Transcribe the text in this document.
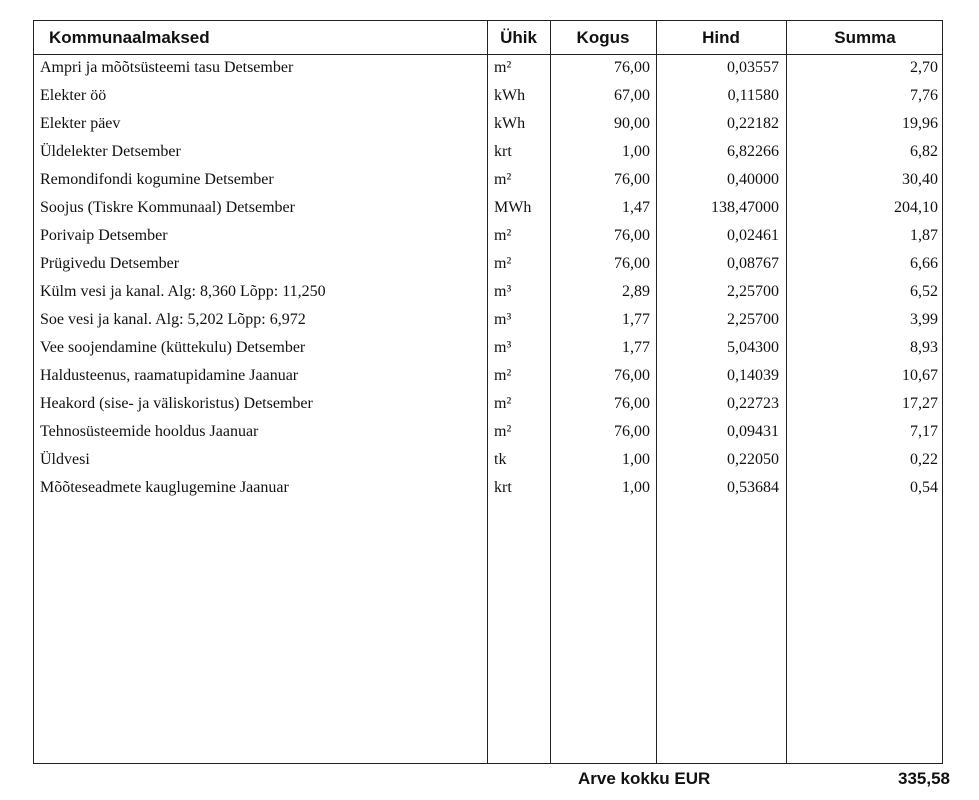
Kommunaalmaksed	Ühik	Kogus	Hind	Summa
Ampri ja mõõtsüsteemi tasu Detsember	m²	76,00	0,03557	2,70
Elekter öö	kWh	67,00	0,11580	7,76
Elekter päev	kWh	90,00	0,22182	19,96
Üldelekter Detsember	krt	1,00	6,82266	6,82
Remondifondi kogumine Detsember	m²	76,00	0,40000	30,40
Soojus (Tiskre Kommunaal) Detsember	MWh	1,47	138,47000	204,10
Porivaip Detsember	m²	76,00	0,02461	1,87
Prügivedu Detsember	m²	76,00	0,08767	6,66
Külm vesi ja kanal. Alg: 8,360 Lõpp: 11,250	m³	2,89	2,25700	6,52
Soe vesi ja kanal. Alg: 5,202 Lõpp: 6,972	m³	1,77	2,25700	3,99
Vee soojendamine (küttekulu) Detsember	m³	1,77	5,04300	8,93
Haldusteenus, raamatupidamine Jaanuar	m²	76,00	0,14039	10,67
Heakord (sise- ja väliskoristus) Detsember	m²	76,00	0,22723	17,27
Tehnosüsteemide hooldus Jaanuar	m²	76,00	0,09431	7,17
Üldvesi	tk	1,00	0,22050	0,22
Mõõteseadmete kauglugemine Jaanuar	krt	1,00	0,53684	0,54
Arve kokku EUR	335,58
